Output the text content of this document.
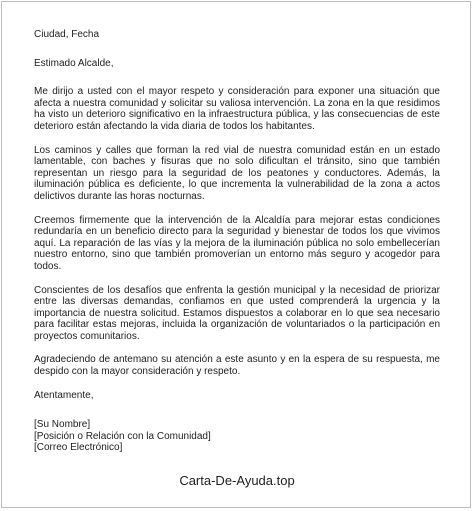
Ciudad, Fecha

Estimado Alcalde,

Me dirijo a usted con el mayor respeto y consideración para exponer una situación que afecta a nuestra comunidad y solicitar su valiosa intervención. La zona en la que residimos ha visto un deterioro significativo en la infraestructura pública, y las consecuencias de este deterioro están afectando la vida diaria de todos los habitantes.

Los caminos y calles que forman la red vial de nuestra comunidad están en un estado lamentable, con baches y fisuras que no solo dificultan el tránsito, sino que también representan un riesgo para la seguridad de los peatones y conductores. Además, la iluminación pública es deficiente, lo que incrementa la vulnerabilidad de la zona a actos delictivos durante las horas nocturnas.

Creemos firmemente que la intervención de la Alcaldía para mejorar estas condiciones redundaría en un beneficio directo para la seguridad y bienestar de todos los que vivimos aquí. La reparación de las vías y la mejora de la iluminación pública no solo embellecerían nuestro entorno, sino que también promoverían un entorno más seguro y acogedor para todos.

Conscientes de los desafíos que enfrenta la gestión municipal y la necesidad de priorizar entre las diversas demandas, confiamos en que usted comprenderá la urgencia y la importancia de nuestra solicitud. Estamos dispuestos a colaborar en lo que sea necesario para facilitar estas mejoras, incluida la organización de voluntariados o la participación en proyectos comunitarios.

Agradeciendo de antemano su atención a este asunto y en la espera de su respuesta, me despido con la mayor consideración y respeto.

Atentamente,

[Su Nombre]

[Posición o Relación con la Comunidad]

[Correo Electrónico]

Carta-De-Ayuda.top
